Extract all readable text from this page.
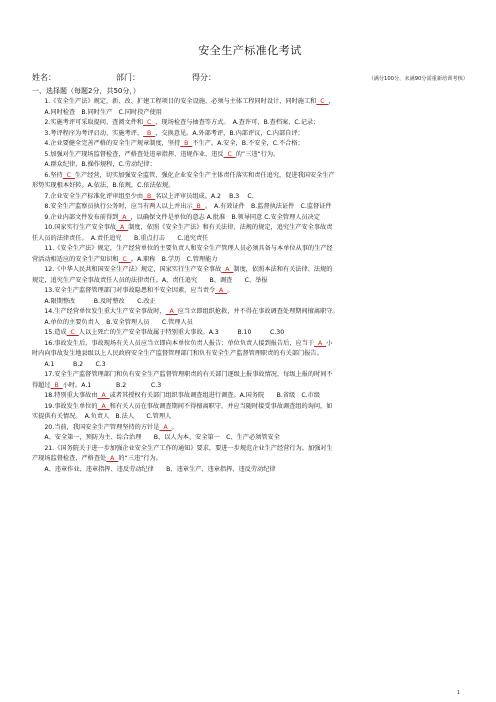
安全生产标准化考试
姓名：	部门：	得分：	（满分100分，未满90分需重新培训考核）
一、选择题（每题2分，共50分，）

　　1.《安全生产法》规定，新、改、扩建工程项目的安全设施，必须与主体工程同时设计、同时施工和  C  ，

　　A.同时检查　B.同时生产　C.同时投产使用

　　2.实施考评可采取提问、查阅文件和  C  、现场检查与抽查等方式。　A.查许可，B.查档案，C.记录；

　　3.考评程序为考评启动、实施考评、  B  、交换意见。A.外部考评，B.内部评议，C.内部自评；

　　4.企业要健全完善严格的安全生产规章制度，坚持  B  不生产。A.安全，B.不安全，C.不合格；

　　5.加强对生产现场监督检查，严格查处违章指挥、违规作业、违反  C  的”三违“行为。

　　A.群众纪律，B.操作规程，C.劳动纪律；

　　6.坚持  C  生产经营，切实加强安全监管，强化企业安全生产主体责任落实和责任追究，促进我国安全生产

形势实现根本好转。A.依法，B.依规，C.依法依规。

　　7.企业安全生产标准化评审组至少由  B  名以上评审员组成。A.2　 B.3　 C.

　　8.安全生产监察员执行公务时，应当有两人以上并出示  B  。　A.有效证件　B.监督执法证件　C.监督证件

　　9.企业内部文件发布前得到  A  ，以确保文件是单位的意志 A.批准　B.领导同意 C.安全管理人员决定

　　10.国家实行生产安全事故  A  制度，依照《安全生产法》和有关法律、法规的规定，追究生产安全事故责

任人员的法律责任。　A.责任追究　　B.重点打击　　C.追究责任

　　11.《安全生产法》规定，生产经营单位的主要负责人和安全生产管理人员必须具备与本单位从事的生产经

营活动相适应的安全生产知识和  C  。A.职称　B.学历　C.管理能力

　　12.《中华人民共和国安全生产法》规定，国家实行生产安全事故  A  制度，依照本法和有关法律、法规的

规定，追究生产安全事故责任人员的法律责任。A、责任追究　　B、调查　　C、举报

　　13.安全生产监督管理部门对事故隐患和不安全因素，应当责令  A  。

　　A.限期整改　　　B.及时整改　　C.改正

　　14.生产经营单位发生重大生产安全事故时，  A  应当立即组织抢救，并不得在事故调查处理期间擅离职守。

　　A.单位的主要负责人　B.安全管理人员　　C.管理人员

　　15.造成  C  人以上死亡的生产安全事故属于特别重大事故。A.3　　　B.10　　　C.30

　　16.事故发生后，事故现场有关人员应当立即向本单位负责人报告；单位负责人接到报告后，应当于  A  小

时内向事故发生地县级以上人民政府安全生产监督管理部门和负有安全生产监督管理职责的有关部门报告。

　　A.1　　　B.2　　C.3

　　17.安全生产监督管理部门和负有安全生产监督管理职责的有关部门逐级上报事故情况，每级上报的时间不

得超过  B  小时。A.1　　　　B.2　　　　C.3

　　18.特别重大事故由  A  或者其授权有关部门组织事故调查组进行调查。A.国务院　　B.省级　C.市级

　　19.事故发生单位的  A  和有关人员在事故调查期间不得擅离职守，并应当随时接受事故调查组的询问，如

实提供有关情况。　A.负责人　B.法人　　C.管理人

　　20.当前，我国安全生产管理坚持的方针是  A  。

　　A、安全第一，预防为主、综合治理　　B、以人为本，安全第一　C、生产必须管安全

　　21.《国务院关于进一步加强企业安全生产工作的通知》要求，要进一步规范企业生产经营行为。加强对生

产现场监督检查，严格查处  A  的“三违”行为。

　　A、违章作业、违章指挥、违反劳动纪律　　B、违章生产、违章指挥、违反劳动纪律

1
